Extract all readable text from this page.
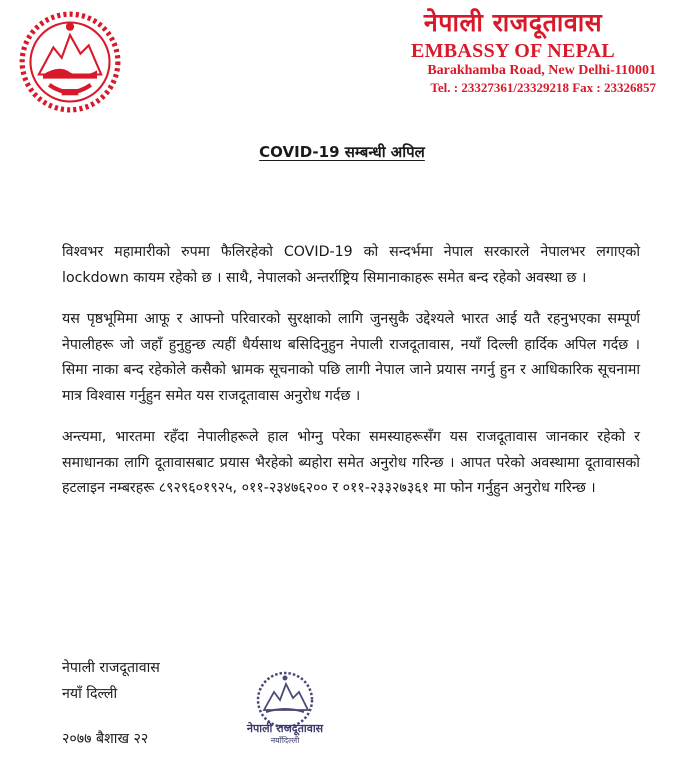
नेपाली राजदूतावास
EMBASSY OF NEPAL
Barakhamba Road, New Delhi-110001
Tel. : 23327361/23329218 Fax : 23326857
COVID-19 सम्बन्धी अपिल

विश्वभर महामारीको रुपमा फैलिरहेको COVID-19 को सन्दर्भमा नेपाल सरकारले नेपालभर लगाएको lockdown कायम रहेको छ । साथै, नेपालको अन्तर्राष्ट्रिय सिमानाकाहरू समेत बन्द रहेको अवस्था छ ।

यस पृष्ठभूमिमा आफू र आफ्नो परिवारको सुरक्षाको लागि जुनसुकै उद्देश्यले भारत आई यतै रहनुभएका सम्पूर्ण नेपालीहरू जो जहाँ हुनुहुन्छ त्यहीं धैर्यसाथ बसिदिनुहुन नेपाली राजदूतावास, नयाँ दिल्ली हार्दिक अपिल गर्दछ । सिमा नाका बन्द रहेकोले कसैको भ्रामक सूचनाको पछि लागी नेपाल जाने प्रयास नगर्नु हुन र आधिकारिक सूचनामा मात्र विश्वास गर्नुहुन समेत यस राजदूतावास अनुरोध गर्दछ ।

अन्त्यमा, भारतमा रहँदा नेपालीहरूले हाल भोग्नु परेका समस्याहरूसँग यस राजदूतावास जानकार रहेको र समाधानका लागि दूतावासबाट प्रयास भैरहेको ब्यहोरा समेत अनुरोध गरिन्छ । आपत परेको अवस्थामा दूतावासको हटलाइन नम्बरहरू ८९२९६०१९२५, ०११-२३४७६२०० र ०११-२३३२७३६१ मा फोन गर्नुहुन अनुरोध गरिन्छ ।

नेपाली राजदूतावास
नयाँ दिल्ली
२०७७ बैशाख २२
नेपाली राजदूतावास
नयाँदिल्ली
